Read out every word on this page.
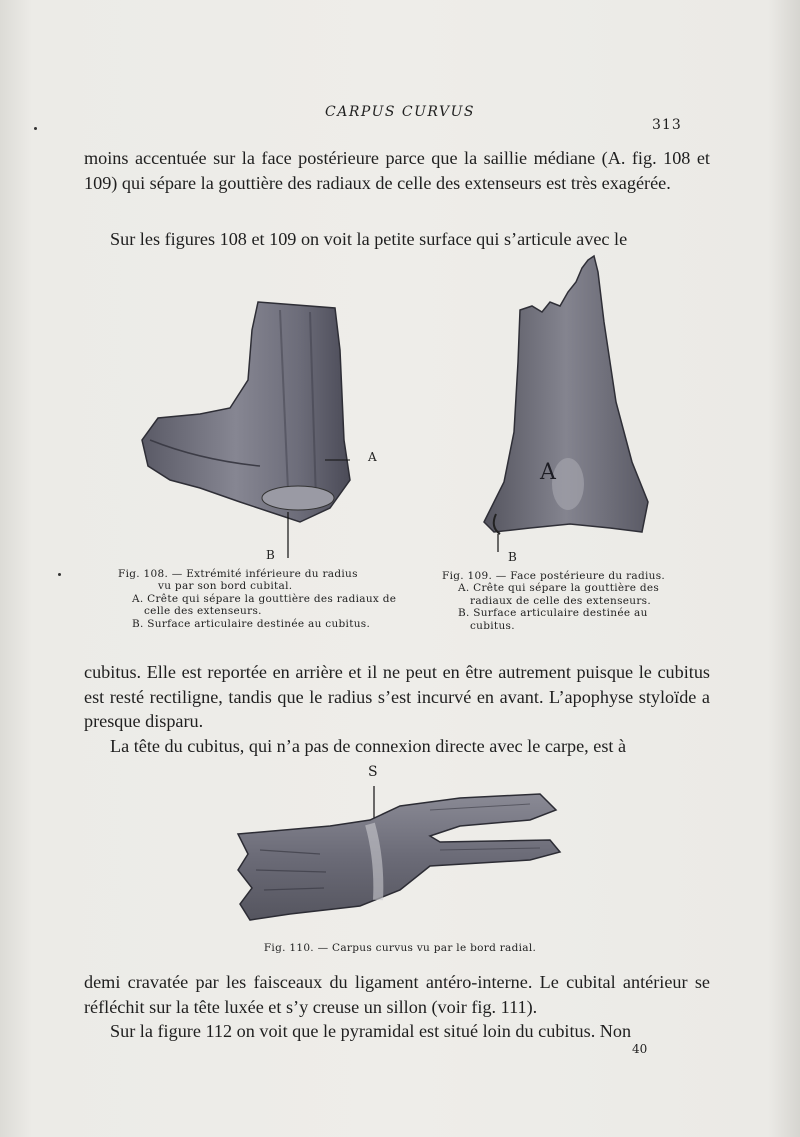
CARPUS CURVUS
313
moins accentuée sur la face postérieure parce que la saillie médiane (A. fig. 108 et 109) qui sépare la gouttière des radiaux de celle des extenseurs est très exagérée.
Sur les figures 108 et 109 on voit la petite surface qui s’articule avec le
A
B
Fig. 108. — Extrémité inférieure du radius
vu par son bord cubital.
A. Crête qui sépare la gouttière des radiaux de celle des extenseurs.
B. Surface articulaire destinée au cubitus.
A
B
Fig. 109. — Face postérieure du radius.
A. Crête qui sépare la gouttière des radiaux de celle des extenseurs.
B. Surface articulaire destinée au cubitus.
cubitus. Elle est reportée en arrière et il ne peut en être autrement puisque le cubitus est resté rectiligne, tandis que le radius s’est incurvé en avant. L’apophyse styloïde a presque disparu.
La tête du cubitus, qui n’a pas de connexion directe avec le carpe, est à
S
Fig. 110. — Carpus curvus vu par le bord radial.
demi cravatée par les faisceaux du ligament antéro-interne. Le cubital antérieur se réfléchit sur la tête luxée et s’y creuse un sillon (voir fig. 111).
Sur la figure 112 on voit que le pyramidal est situé loin du cubitus. Non
40
